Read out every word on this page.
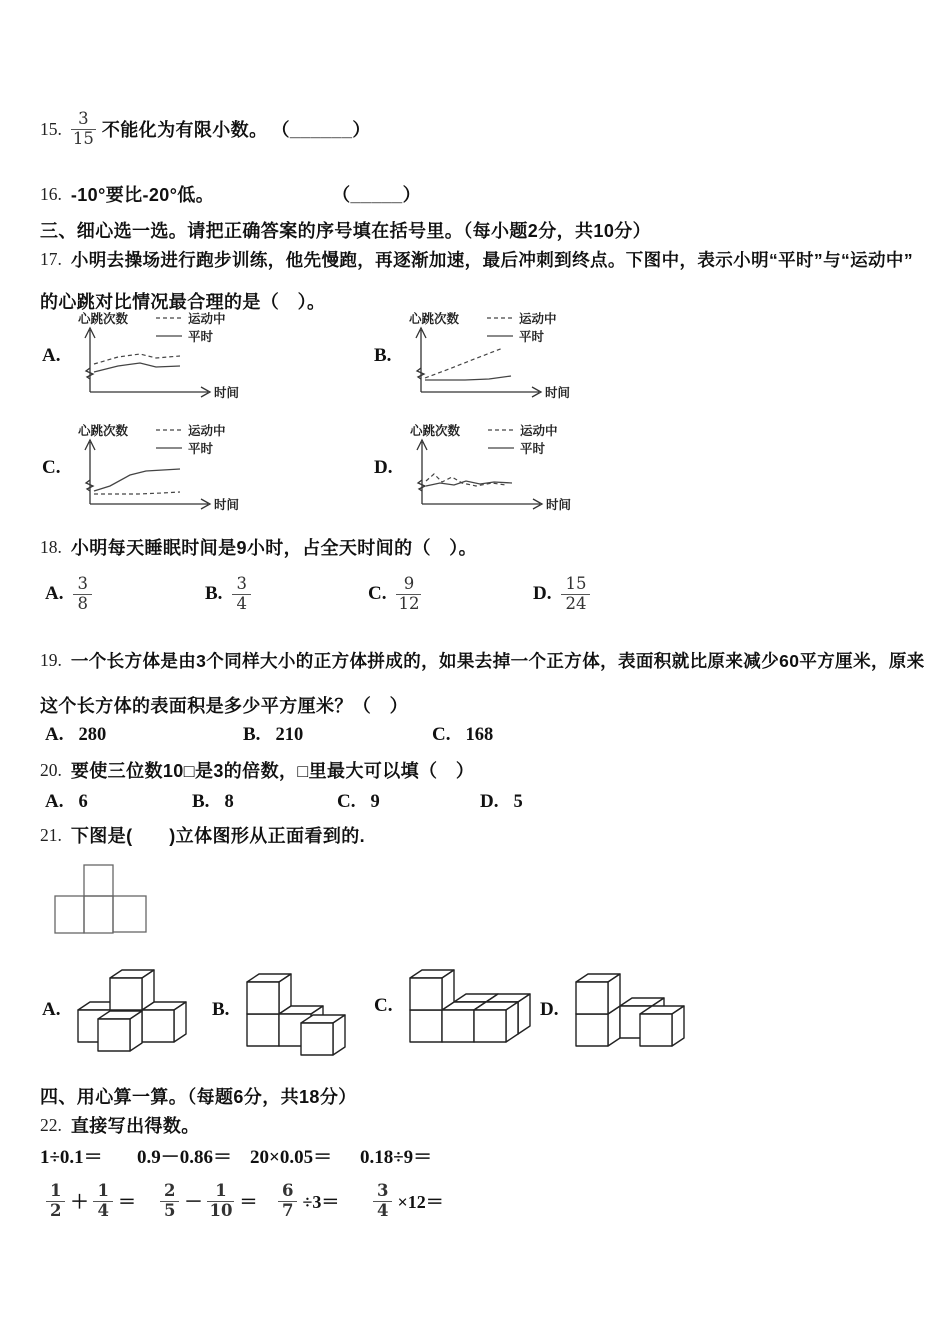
15. $\frac{3}{15}$ 不能化为有限小数。 （______）
16. -10°要比-20°低。	（_____）
三、细心选一选。请把正确答案的序号填在括号里。（每小题2分，共10分）
17. 小明去操场进行跑步训练，他先慢跑，再逐渐加速，最后冲刺到终点。下图中，表示小明“平时”与“运动中”
的心跳对比情况最合理的是（　）。
A.
心跳次数	运动中
平时
时间
B.
心跳次数	运动中
平时
时间
C.
心跳次数	运动中
平时
时间
D.
心跳次数	运动中
平时
时间
18. 小明每天睡眠时间是9小时，占全天时间的（　）。
A. $\frac{3}{8}$	B. $\frac{3}{4}$	C. $\frac{9}{12}$	D. $\frac{15}{24}$
19. 一个长方体是由3个同样大小的正方体拼成的，如果去掉一个正方体，表面积就比原来减少60平方厘米，原来
这个长方体的表面积是多少平方厘米？（　）
A. 280	B. 210	C. 168
20. 要使三位数10□是3的倍数，□里最大可以填（　）
A. 6	B. 8	C. 9	D. 5
21. 下图是(　　)立体图形从正面看到的.
A.	B.	C.	D.
四、用心算一算。（每题6分，共18分）
22. 直接写出得数。
1÷0.1＝ 0.9－0.86＝ 20×0.05＝ 0.18÷9＝
$\frac{1}{2} + \frac{1}{4} = \frac{2}{5} - \frac{1}{10} = \frac{6}{7} \div 3= \frac{3}{4} \times 12=$
